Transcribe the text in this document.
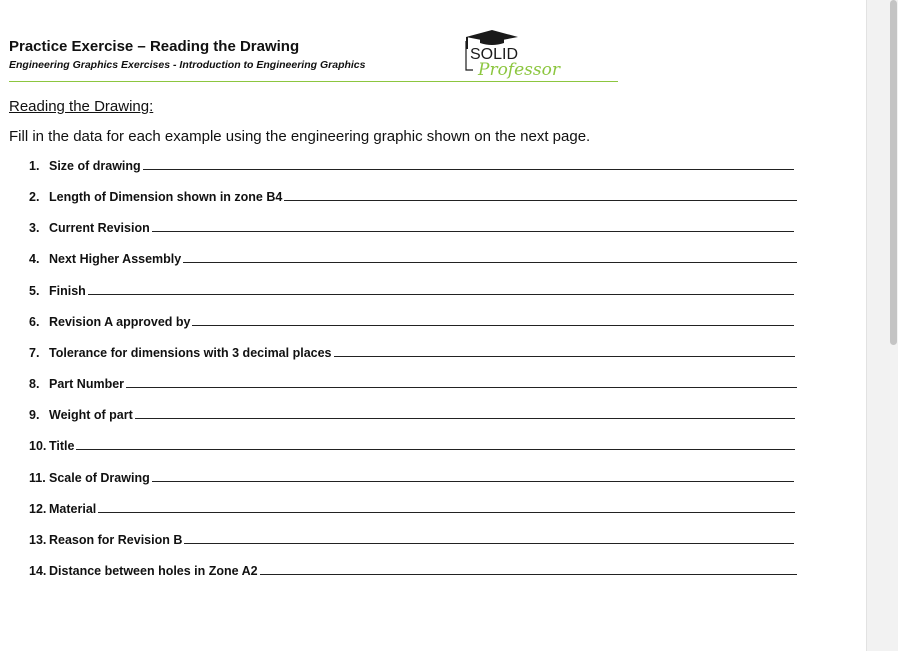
Practice Exercise – Reading the Drawing
Engineering Graphics Exercises - Introduction to Engineering Graphics
SOLID
Professor
Reading the Drawing:
Fill in the data for each example using the engineering graphic shown on the next page.
1. Size of drawing
2. Length of Dimension shown in zone B4
3. Current Revision
4. Next Higher Assembly
5. Finish
6. Revision A approved by
7. Tolerance for dimensions with 3 decimal places
8. Part Number
9. Weight of part
10. Title
11. Scale of Drawing
12. Material
13. Reason for Revision B
14. Distance between holes in Zone A2
